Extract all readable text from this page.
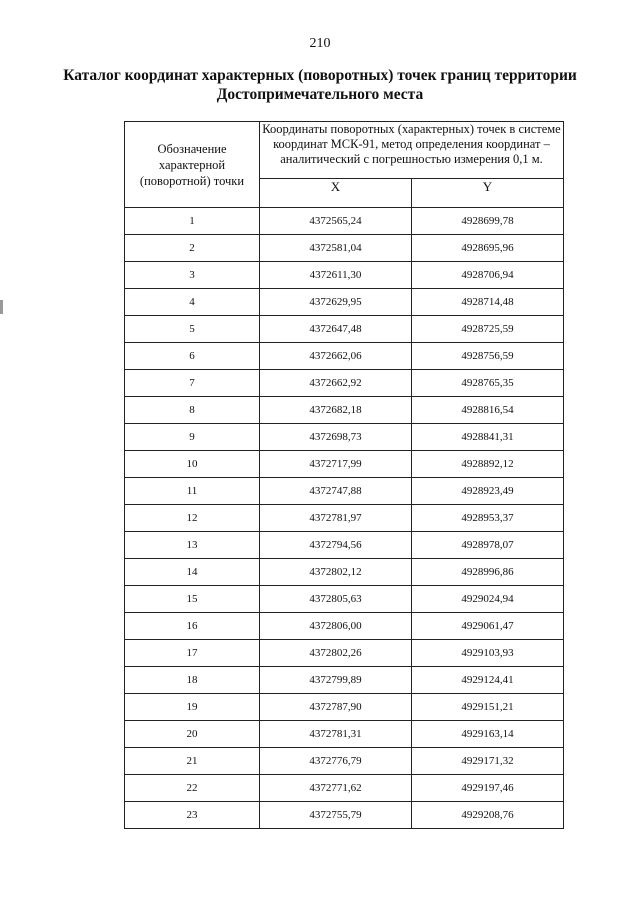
210
Каталог координат характерных (поворотных) точек границ территории
Достопримечательного места
Обозначение характерной (поворотной) точки	Координаты поворотных (характерных) точек в системе координат МСК-91, метод определения координат – аналитический с погрешностью измерения 0,1 м.	
	X	Y
1	4372565,24	4928699,78
2	4372581,04	4928695,96
3	4372611,30	4928706,94
4	4372629,95	4928714,48
5	4372647,48	4928725,59
6	4372662,06	4928756,59
7	4372662,92	4928765,35
8	4372682,18	4928816,54
9	4372698,73	4928841,31
10	4372717,99	4928892,12
11	4372747,88	4928923,49
12	4372781,97	4928953,37
13	4372794,56	4928978,07
14	4372802,12	4928996,86
15	4372805,63	4929024,94
16	4372806,00	4929061,47
17	4372802,26	4929103,93
18	4372799,89	4929124,41
19	4372787,90	4929151,21
20	4372781,31	4929163,14
21	4372776,79	4929171,32
22	4372771,62	4929197,46
23	4372755,79	4929208,76
